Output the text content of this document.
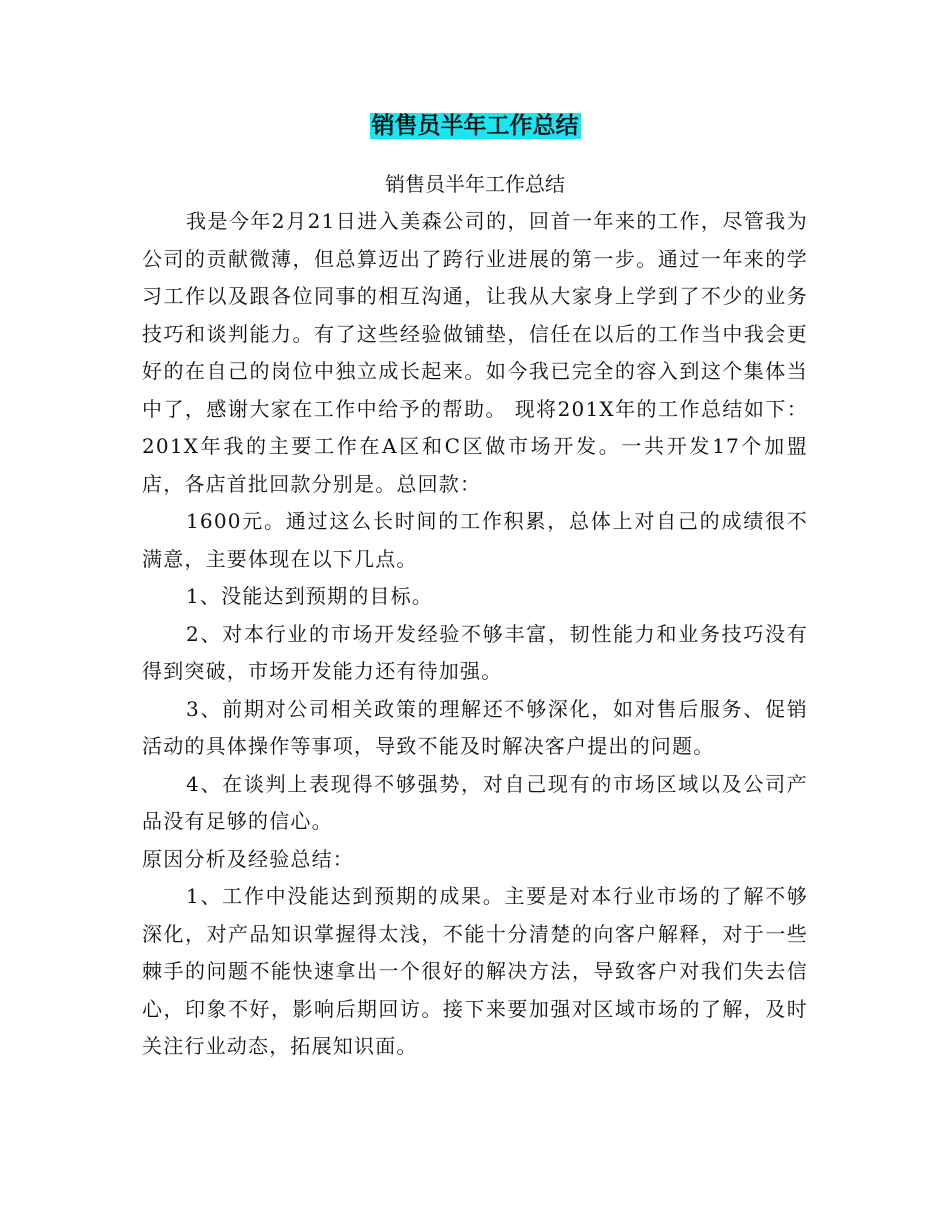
销售员半年工作总结

销售员半年工作总结

我是今年2月21日进入美森公司的，回首一年来的工作，尽管我为公司的贡献微薄，但总算迈出了跨行业进展的第一步。通过一年来的学习工作以及跟各位同事的相互沟通，让我从大家身上学到了不少的业务技巧和谈判能力。有了这些经验做铺垫，信任在以后的工作当中我会更好的在自己的岗位中独立成长起来。如今我已完全的容入到这个集体当中了，感谢大家在工作中给予的帮助。 现将201X年的工作总结如下：201X年我的主要工作在A区和C区做市场开发。一共开发17个加盟店，各店首批回款分别是。总回款：

1600元。通过这么长时间的工作积累，总体上对自己的成绩很不满意，主要体现在以下几点。

1、没能达到预期的目标。

2、对本行业的市场开发经验不够丰富，韧性能力和业务技巧没有得到突破，市场开发能力还有待加强。

3、前期对公司相关政策的理解还不够深化，如对售后服务、促销活动的具体操作等事项，导致不能及时解决客户提出的问题。

4、在谈判上表现得不够强势，对自己现有的市场区域以及公司产品没有足够的信心。

原因分析及经验总结：

1、工作中没能达到预期的成果。主要是对本行业市场的了解不够深化，对产品知识掌握得太浅，不能十分清楚的向客户解释，对于一些棘手的问题不能快速拿出一个很好的解决方法，导致客户对我们失去信心，印象不好，影响后期回访。接下来要加强对区域市场的了解，及时关注行业动态，拓展知识面。
